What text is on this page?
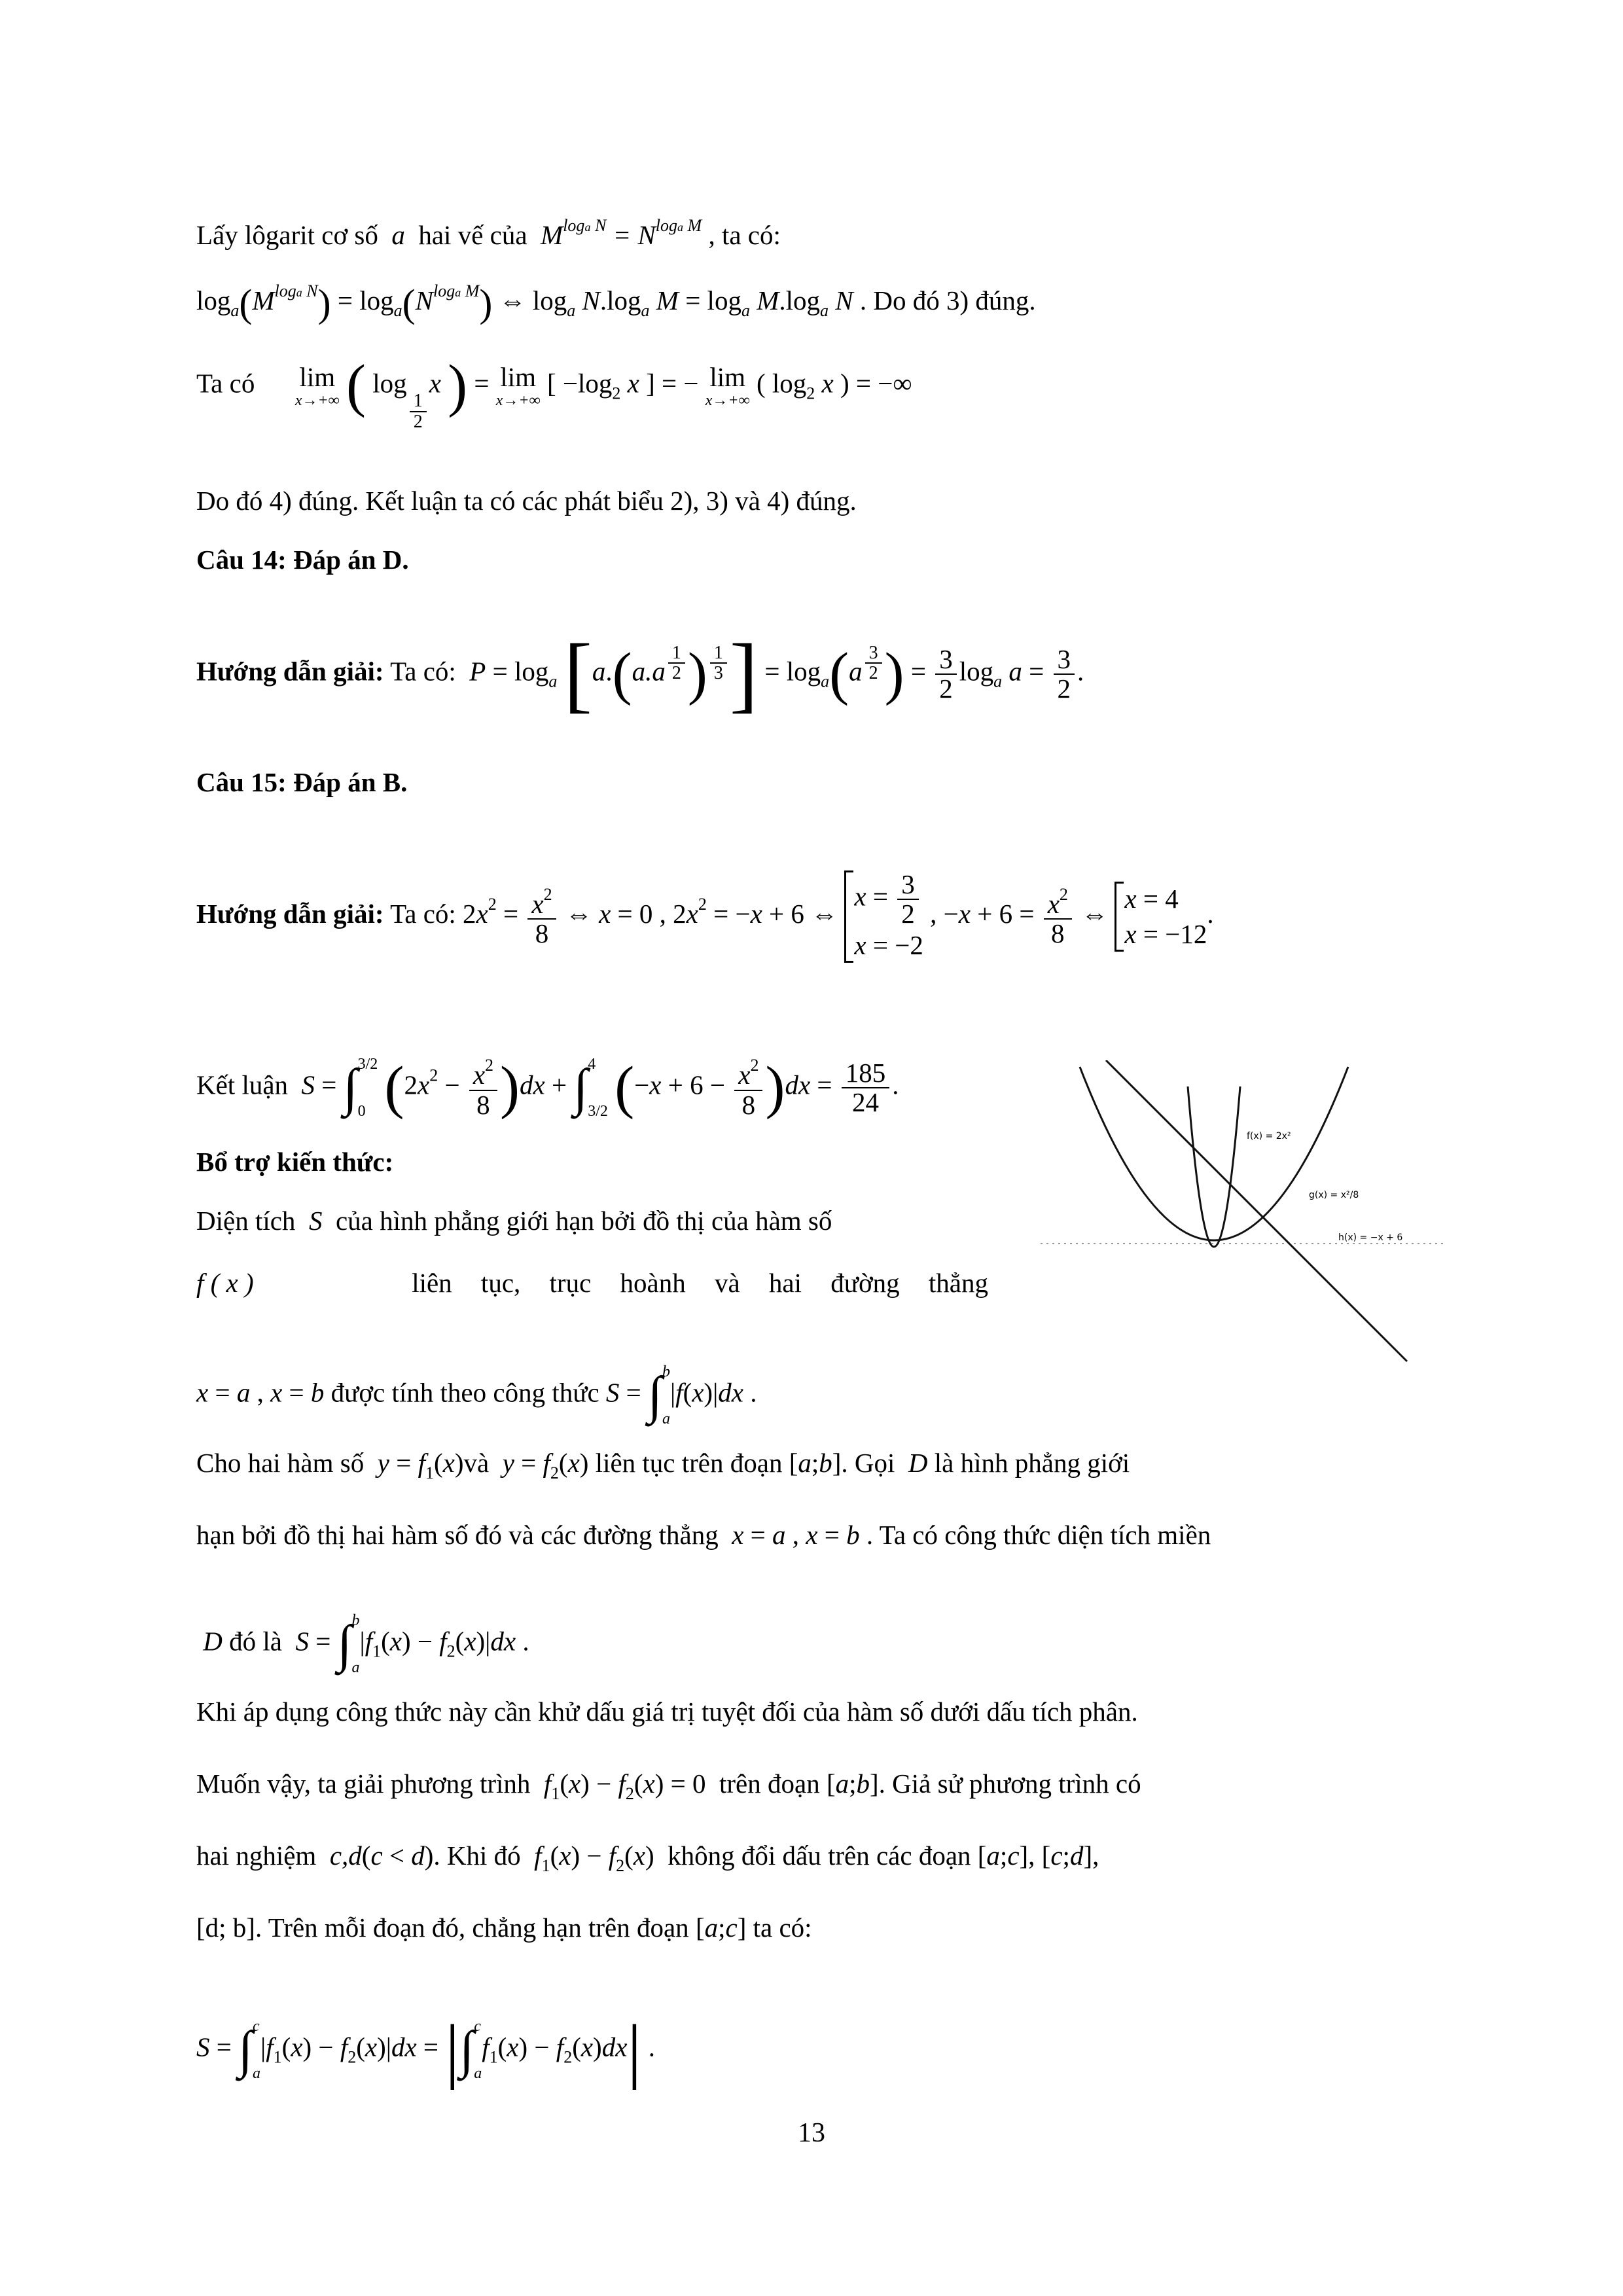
Lấy lôgarit cơ số  a  hai vế của  $M^{loga N} = N^{loga M}$ , ta có:
$\log_a(M^{loga N}) = \log_a(N^{loga M})$ ⇔ $\log_a N.\log_a$ $M = \log_a M.\log_a$ N . Do đó 3) đúng.
Ta có lim
x→+∞ ( log
$\frac{1}{2}$
x ) = lim
x→+∞
[ $-\log_2$ x ] = − lim
x→+∞
( $\log_2 x$ ) = −∞
Do đó 4) đúng. Kết luận ta có các phát biểu 2), 3) và 4) đúng.
Câu 14: Đáp án D.
Hướng dẫn giải: Ta có:  $P = \log_a [a.(a.a$ $^{\frac{1}{2}}$ ) $^{\frac{1}{3}}$ ] = $\log_a(a$ $^{\frac{3}{2}}$ ) = $\frac{3}{2} \log_a a = \frac{3}{2}$ .
Câu 15: Đáp án B.
Hướng dẫn giải: Ta có: $2x^2 = \frac{x^2}{8}$ ⇔ x = 0 , $2x^2 = -x + 6$ ⇔
$x = \frac{3}{2}$
x = −2
, $-x + 6 = \frac{x^2}{8}$ ⇔ x = 4
x = −12
.
Kết luận  S = ∫ 3/2
0 $(2x^2 - \frac{x^2}{8} )dx$ + ∫ 4
3/2 $(-x + 6 - \frac{x^2}{8} )dx = \frac{185}{24}$ .
Bổ trợ kiến thức:
Diện tích  S  của hình phẳng giới hạn bởi đồ thị của hàm số
f ( x )	liên tục, trục hoành và hai đường thẳng
x = a , x = b được tính theo công thức S = ∫ b
a
|f(x)|dx .
Cho hai hàm số  $y = f_1(x)và$  $y = f_2(x)$ liên tục trên đoạn [a;b]. Gọi  D là hình phẳng giới
hạn bởi đồ thị hai hàm số đó và các đường thẳng  x = a , x = b . Ta có công thức diện tích miền
D đó là  S = ∫ b
a
$|f_1(x) - f_2(x)|dx$ .
Khi áp dụng công thức này cần khử dấu giá trị tuyệt đối của hàm số dưới dấu tích phân.
Muốn vậy, ta giải phương trình  $f_1(x) - f_2(x) = 0$  trên đoạn [a;b]. Giả sử phương trình có
hai nghiệm  c,d(c < d). Khi đó  $f_1(x) - f_2(x)$  không đổi dấu trên các đoạn [a;c], [c;d],
[d; b]. Trên mỗi đoạn đó, chẳng hạn trên đoạn [a;c] ta có:
S = ∫ c
a
$|f_1(x) - f_2(x)|dx$ = |∫ c
a
$f_1(x) - f_2(x)dx|$ .
f(x) = 2x²
g(x) = x²/8
h(x) = −x + 6
13
